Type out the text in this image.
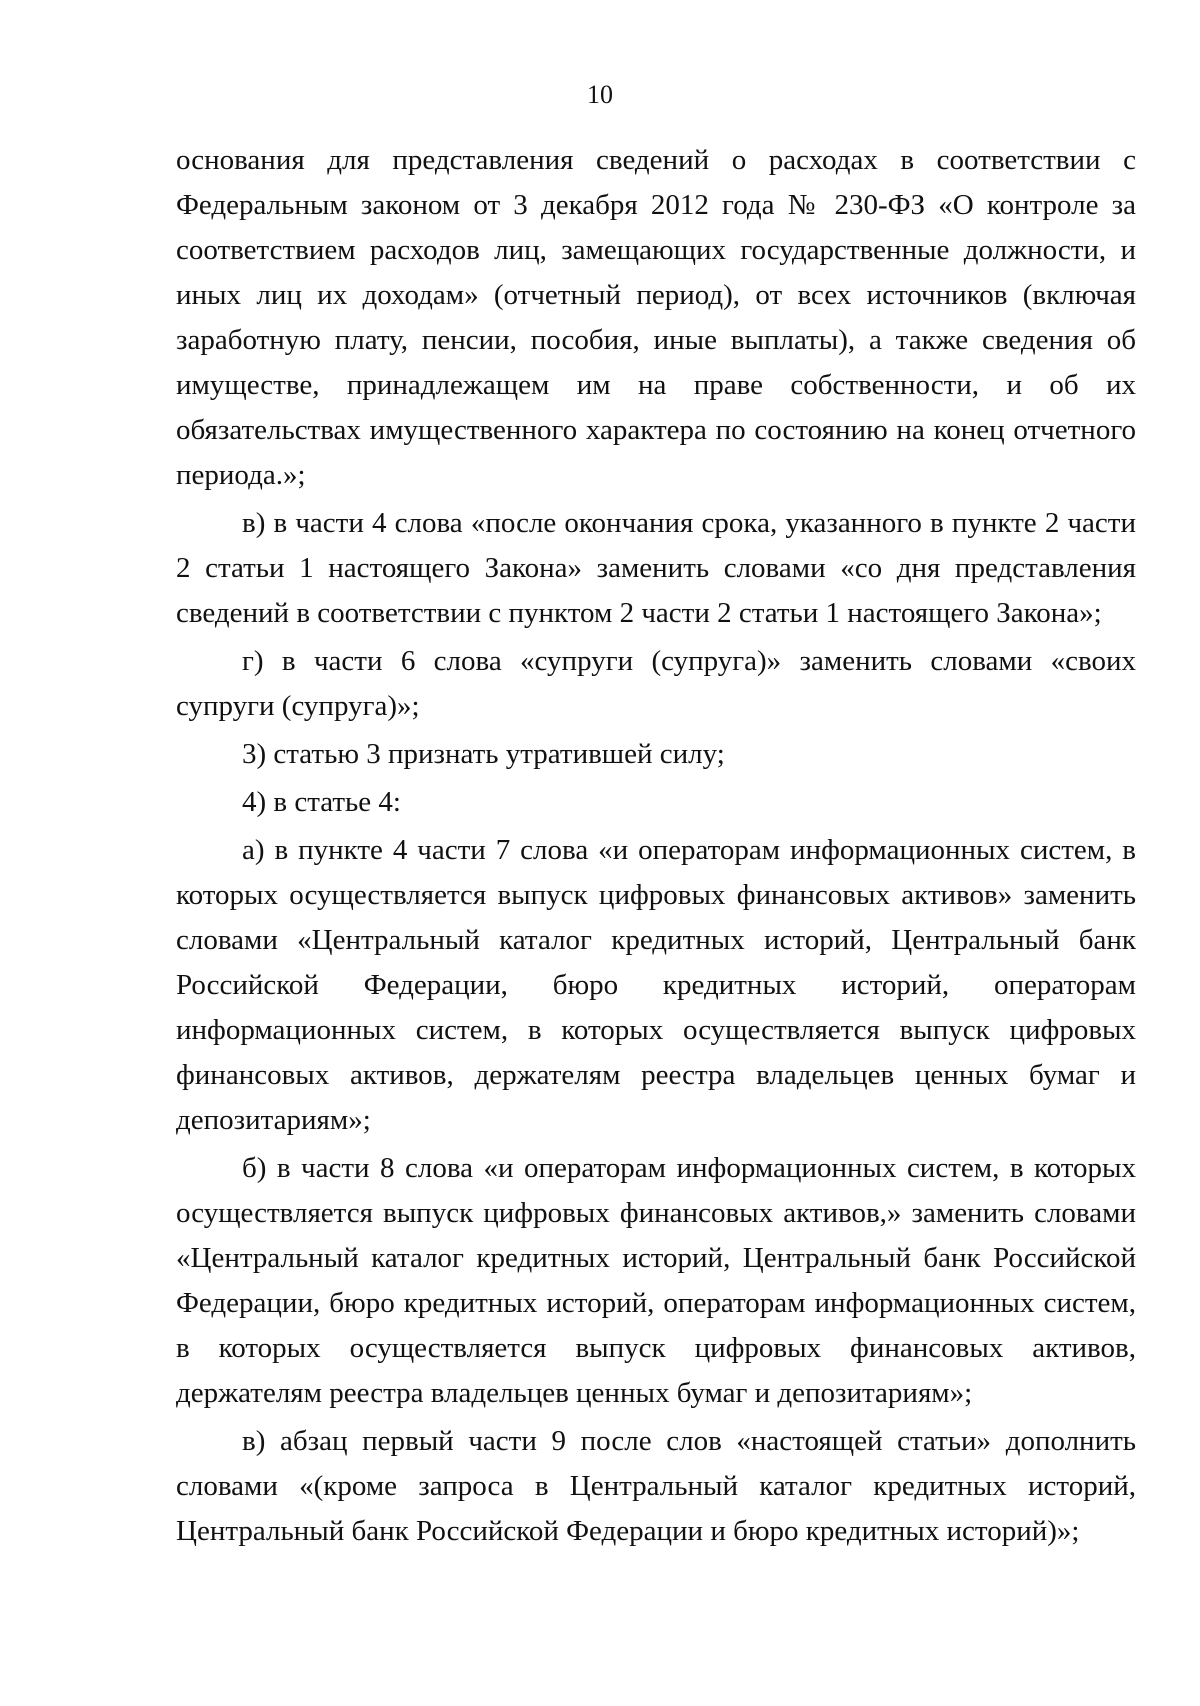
10

основания для представления сведений о расходах в соответствии с Федеральным законом от 3 декабря 2012 года № 230-ФЗ «О контроле за соответствием расходов лиц, замещающих государственные должности, и иных лиц их доходам» (отчетный период), от всех источников (включая заработную плату, пенсии, пособия, иные выплаты), а также сведения об имуществе, принадлежащем им на праве собственности, и об их обязательствах имущественного характера по состоянию на конец отчетного периода.»;

в) в части 4 слова «после окончания срока, указанного в пункте 2 части 2 статьи 1 настоящего Закона» заменить словами «со дня представления сведений в соответствии с пунктом 2 части 2 статьи 1 настоящего Закона»;

г) в части 6 слова «супруги (супруга)» заменить словами «своих супруги (супруга)»;

3) статью 3 признать утратившей силу;

4) в статье 4:

а) в пункте 4 части 7 слова «и операторам информационных систем, в которых осуществляется выпуск цифровых финансовых активов» заменить словами «Центральный каталог кредитных историй, Центральный банк Российской Федерации, бюро кредитных историй, операторам информационных систем, в которых осуществляется выпуск цифровых финансовых активов, держателям реестра владельцев ценных бумаг и депозитариям»;

б) в части 8 слова «и операторам информационных систем, в которых осуществляется выпуск цифровых финансовых активов,» заменить словами «Центральный каталог кредитных историй, Центральный банк Российской Федерации, бюро кредитных историй, операторам информационных систем, в которых осуществляется выпуск цифровых финансовых активов, держателям реестра владельцев ценных бумаг и депозитариям»;

в) абзац первый части 9 после слов «настоящей статьи» дополнить словами «(кроме запроса в Центральный каталог кредитных историй, Центральный банк Российской Федерации и бюро кредитных историй)»;
